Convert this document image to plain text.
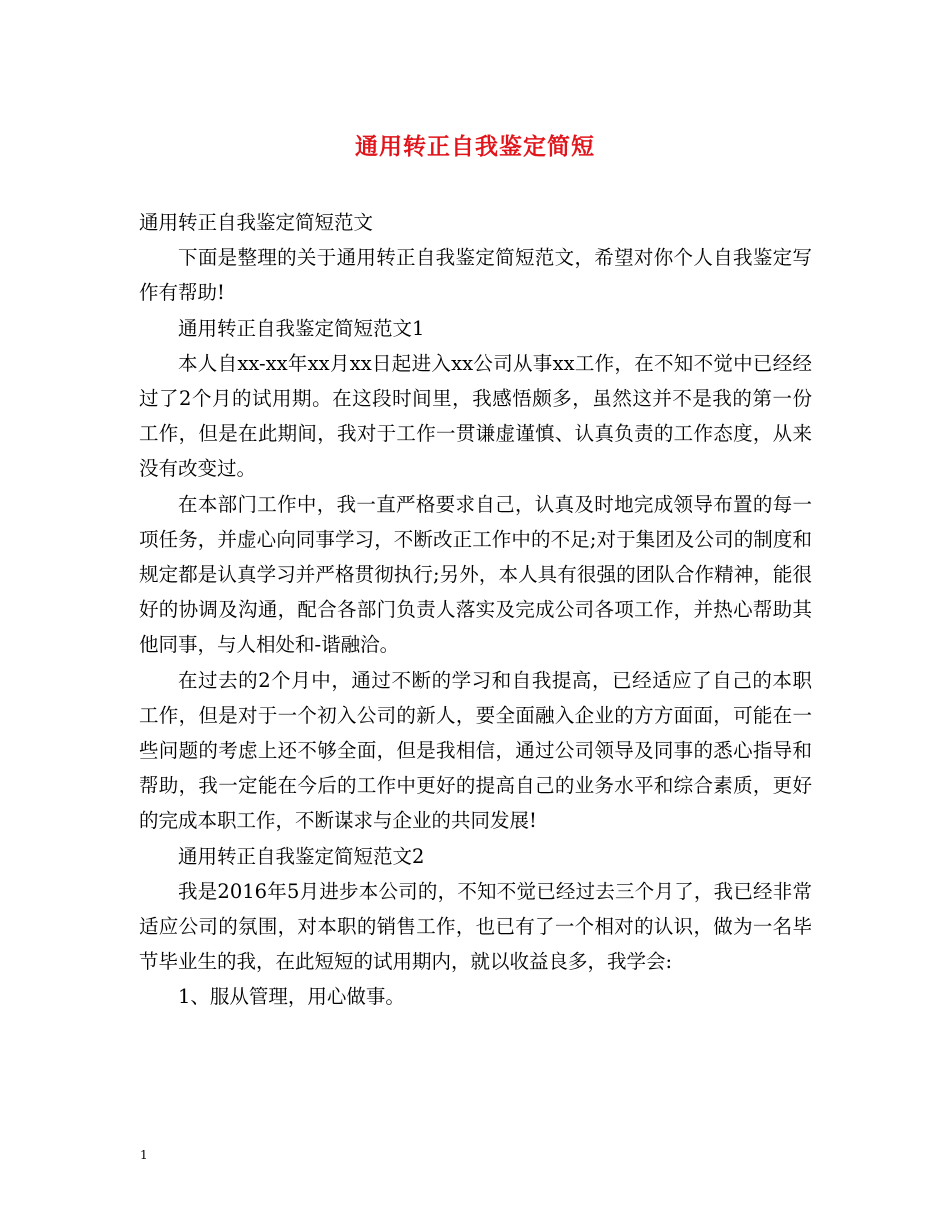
通用转正自我鉴定简短

通用转正自我鉴定简短范文

下面是整理的关于通用转正自我鉴定简短范文，希望对你个人自我鉴定写作有帮助!

通用转正自我鉴定简短范文1

本人自xx-xx年xx月xx日起进入xx公司从事xx工作，在不知不觉中已经经过了2个月的试用期。在这段时间里，我感悟颇多，虽然这并不是我的第一份工作，但是在此期间，我对于工作一贯谦虚谨慎、认真负责的工作态度，从来没有改变过。

在本部门工作中，我一直严格要求自己，认真及时地完成领导布置的每一项任务，并虚心向同事学习，不断改正工作中的不足;对于集团及公司的制度和规定都是认真学习并严格贯彻执行;另外，本人具有很强的团队合作精神，能很好的协调及沟通，配合各部门负责人落实及完成公司各项工作，并热心帮助其他同事，与人相处和-谐融洽。

在过去的2个月中，通过不断的学习和自我提高，已经适应了自己的本职工作，但是对于一个初入公司的新人，要全面融入企业的方方面面，可能在一些问题的考虑上还不够全面，但是我相信，通过公司领导及同事的悉心指导和帮助，我一定能在今后的工作中更好的提高自己的业务水平和综合素质，更好的完成本职工作，不断谋求与企业的共同发展!

通用转正自我鉴定简短范文2

我是2016年5月进步本公司的，不知不觉已经过去三个月了，我已经非常适应公司的氛围，对本职的销售工作，也已有了一个相对的认识，做为一名毕节毕业生的我，在此短短的试用期内，就以收益良多，我学会:

1、服从管理，用心做事。

1
